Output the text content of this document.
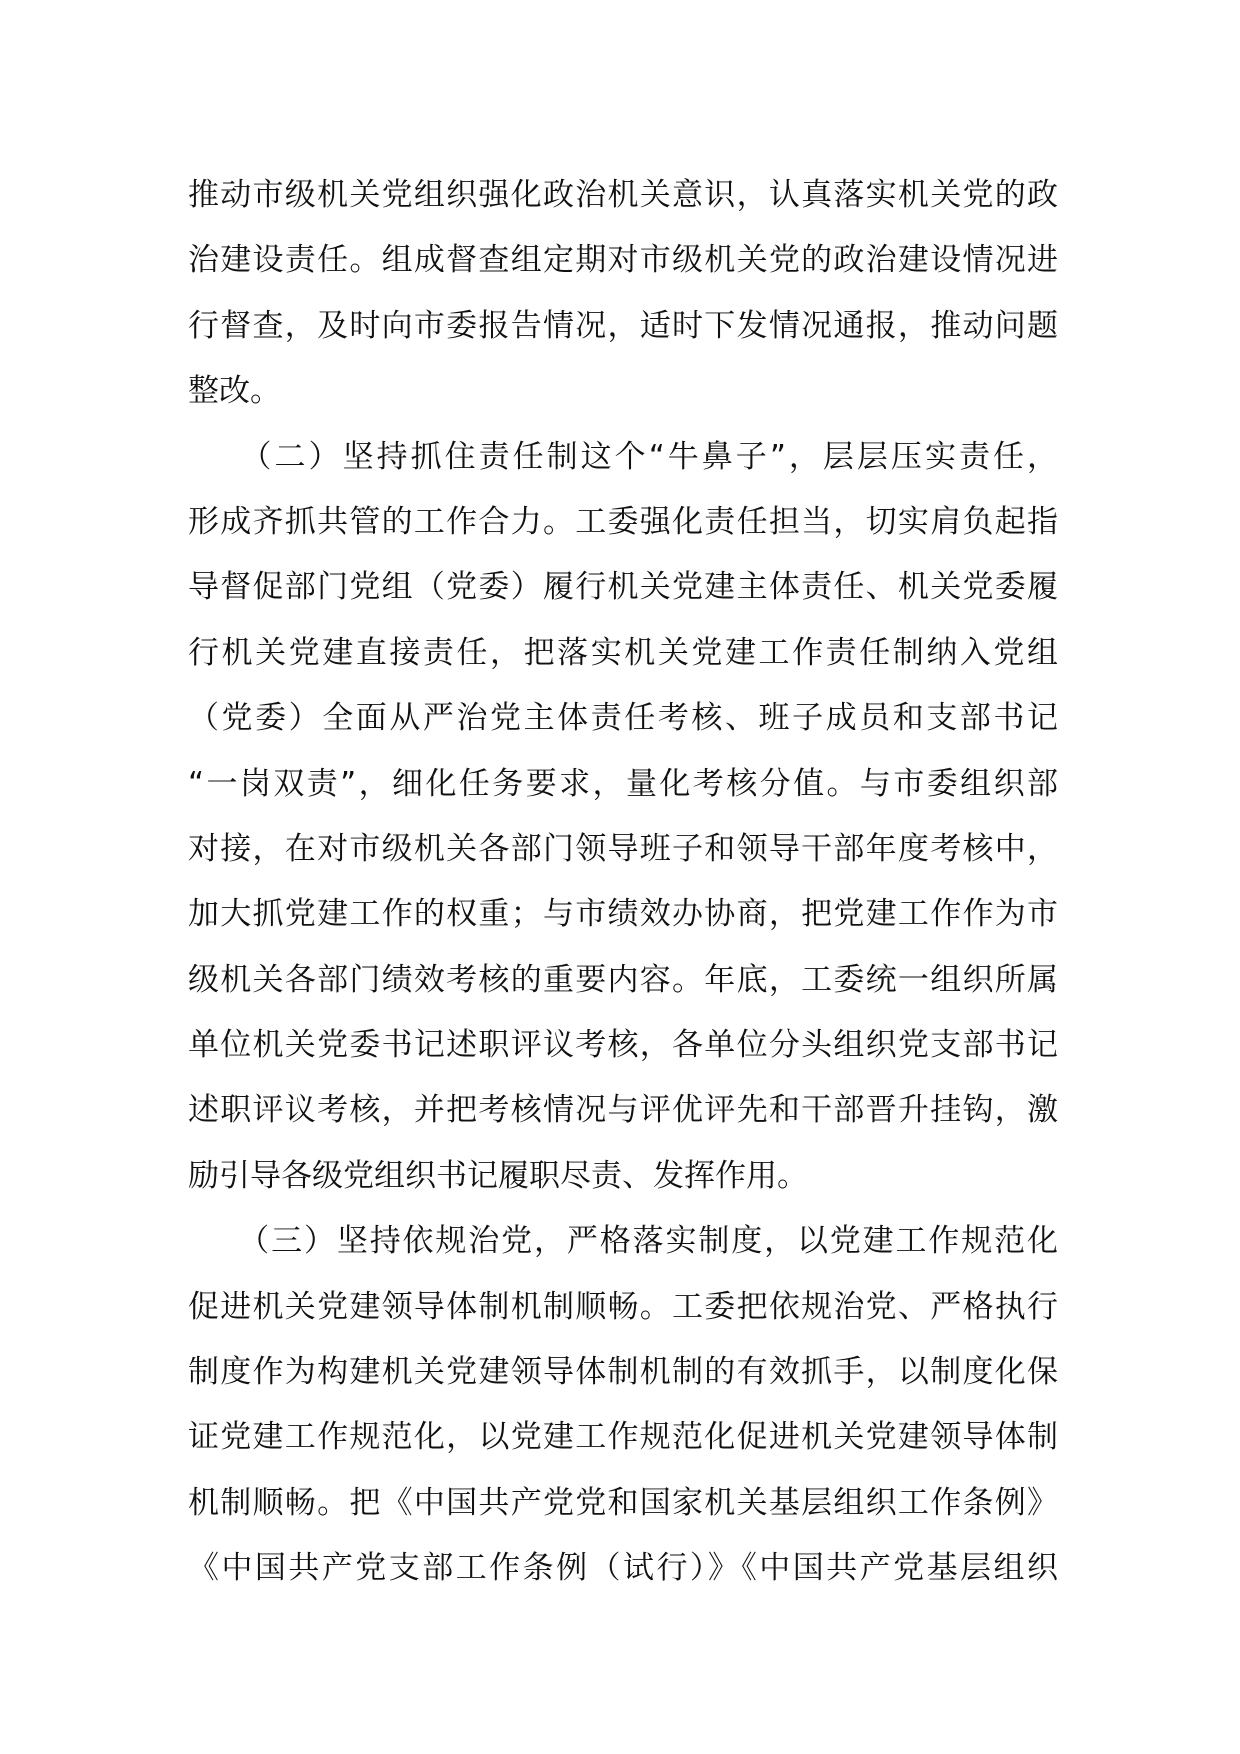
推动市级机关党组织强化政治机关意识，认真落实机关党的政
治建设责任。组成督查组定期对市级机关党的政治建设情况进
行督查，及时向市委报告情况，适时下发情况通报，推动问题
整改。
　　（二）坚持抓住责任制这个“牛鼻子”，层层压实责任，
形成齐抓共管的工作合力。工委强化责任担当，切实肩负起指
导督促部门党组（党委）履行机关党建主体责任、机关党委履
行机关党建直接责任，把落实机关党建工作责任制纳入党组
（党委）全面从严治党主体责任考核、班子成员和支部书记
“一岗双责”，细化任务要求，量化考核分值。与市委组织部
对接，在对市级机关各部门领导班子和领导干部年度考核中，
加大抓党建工作的权重；与市绩效办协商，把党建工作作为市
级机关各部门绩效考核的重要内容。年底，工委统一组织所属
单位机关党委书记述职评议考核，各单位分头组织党支部书记
述职评议考核，并把考核情况与评优评先和干部晋升挂钩，激
励引导各级党组织书记履职尽责、发挥作用。
　　（三）坚持依规治党，严格落实制度，以党建工作规范化
促进机关党建领导体制机制顺畅。工委把依规治党、严格执行
制度作为构建机关党建领导体制机制的有效抓手，以制度化保
证党建工作规范化，以党建工作规范化促进机关党建领导体制
机制顺畅。把《中国共产党党和国家机关基层组织工作条例》
《中国共产党支部工作条例（试行）》《中国共产党基层组织
